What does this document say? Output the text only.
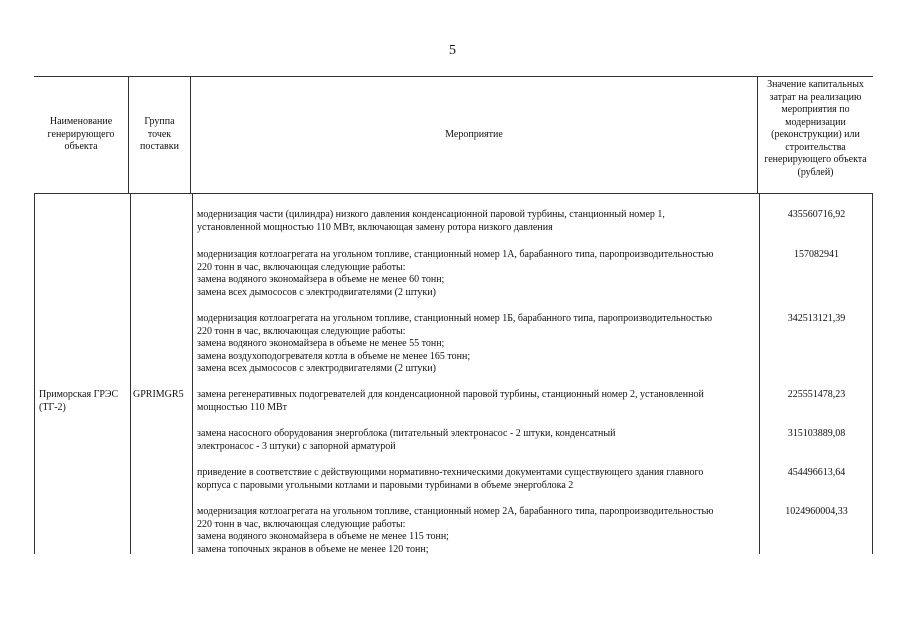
5
Наименование генерирующего объекта
Группа точек поставки
Мероприятие
Значение капитальных затрат на реализацию мероприятия по модернизации (реконструкции) или строительства генерирующего объекта (рублей)
Приморская ГРЭС (ТГ-2)
GPRIMGR5
модернизация части (цилиндра) низкого давления конденсационной паровой турбины, станционный номер 1,
установленной мощностью 110 МВт, включающая замену ротора низкого давления
435560716,92
модернизация котлоагрегата на угольном топливе, станционный номер 1А, барабанного типа, паропроизводительностью
220 тонн в час, включающая следующие работы:
замена водяного экономайзера в объеме не менее 60 тонн;
замена всех дымососов с электродвигателями (2 штуки)
157082941
модернизация котлоагрегата на угольном топливе, станционный номер 1Б, барабанного типа, паропроизводительностью
220 тонн в час, включающая следующие работы:
замена водяного экономайзера в объеме не менее 55 тонн;
замена воздухоподогревателя котла в объеме не менее 165 тонн;
замена всех дымососов с электродвигателями (2 штуки)
342513121,39
замена регенеративных подогревателей для конденсационной паровой турбины, станционный номер 2, установленной
мощностью 110 МВт
225551478,23
замена насосного оборудования энергоблока (питательный электронасос - 2 штуки, конденсатный
электронасос - 3 штуки) с запорной арматурой
315103889,08
приведение в соответствие с действующими нормативно-техническими документами существующего здания главного
корпуса с паровыми угольными котлами и паровыми турбинами в объеме энергоблока 2
454496613,64
модернизация котлоагрегата на угольном топливе, станционный номер 2А, барабанного типа, паропроизводительностью
220 тонн в час, включающая следующие работы:
замена водяного экономайзера в объеме не менее 115 тонн;
замена топочных экранов в объеме не менее 120 тонн;
1024960004,33
